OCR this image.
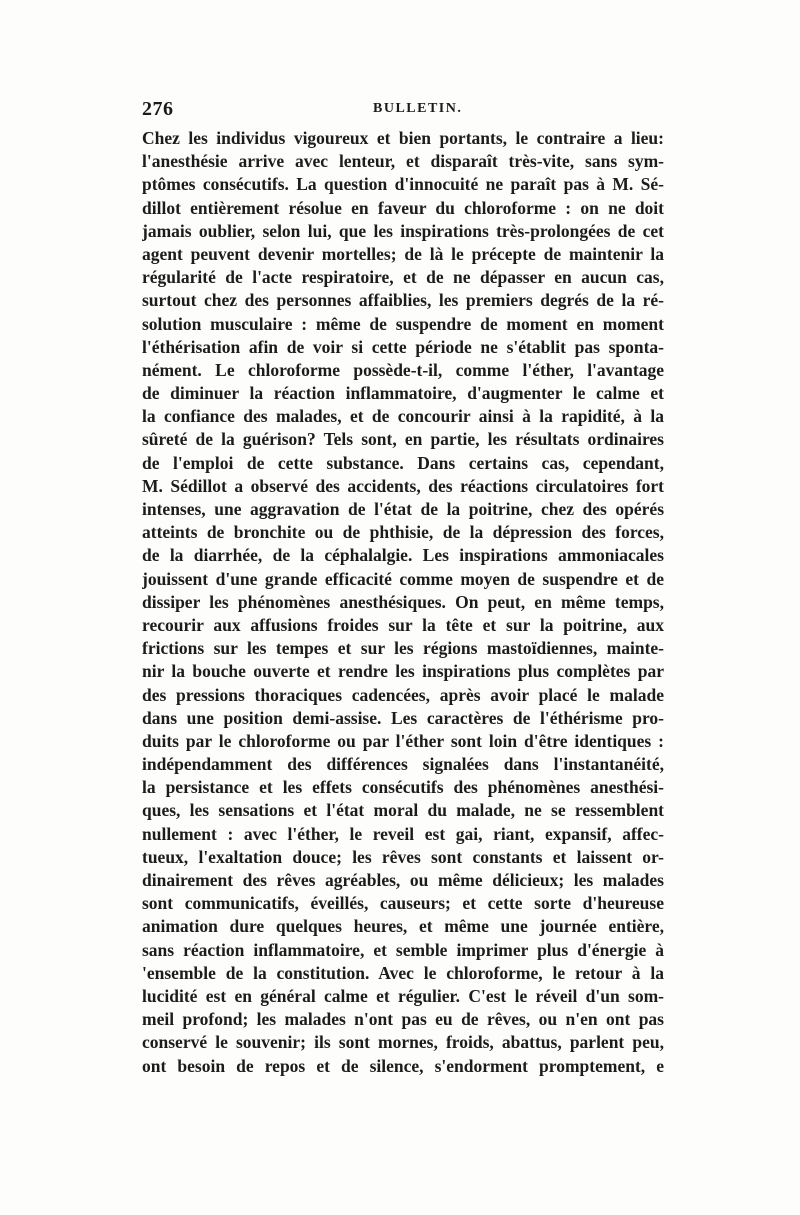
276	BULLETIN.
Chez les individus vigoureux et bien portants, le contraire a lieu:
l'anesthésie arrive avec lenteur, et disparaît très-vite, sans sym-
ptômes consécutifs. La question d'innocuité ne paraît pas à M. Sé-
dillot entièrement résolue en faveur du chloroforme : on ne doit
jamais oublier, selon lui, que les inspirations très-prolongées de cet
agent peuvent devenir mortelles; de là le précepte de maintenir la
régularité de l'acte respiratoire, et de ne dépasser en aucun cas,
surtout chez des personnes affaiblies, les premiers degrés de la ré-
solution musculaire : même de suspendre de moment en moment
l'éthérisation afin de voir si cette période ne s'établit pas sponta-
nément. Le chloroforme possède-t-il, comme l'éther, l'avantage
de diminuer la réaction inflammatoire, d'augmenter le calme et
la confiance des malades, et de concourir ainsi à la rapidité, à la
sûreté de la guérison? Tels sont, en partie, les résultats ordinaires
de l'emploi de cette substance. Dans certains cas, cependant,
M. Sédillot a observé des accidents, des réactions circulatoires fort
intenses, une aggravation de l'état de la poitrine, chez des opérés
atteints de bronchite ou de phthisie, de la dépression des forces,
de la diarrhée, de la céphalalgie. Les inspirations ammoniacales
jouissent d'une grande efficacité comme moyen de suspendre et de
dissiper les phénomènes anesthésiques. On peut, en même temps,
recourir aux affusions froides sur la tête et sur la poitrine, aux
frictions sur les tempes et sur les régions mastoïdiennes, mainte-
nir la bouche ouverte et rendre les inspirations plus complètes par
des pressions thoraciques cadencées, après avoir placé le malade
dans une position demi-assise. Les caractères de l'éthérisme pro-
duits par le chloroforme ou par l'éther sont loin d'être identiques :
indépendamment des différences signalées dans l'instantanéité,
la persistance et les effets consécutifs des phénomènes anesthési-
ques, les sensations et l'état moral du malade, ne se ressemblent
nullement : avec l'éther, le reveil est gai, riant, expansif, affec-
tueux, l'exaltation douce; les rêves sont constants et laissent or-
dinairement des rêves agréables, ou même délicieux; les malades
sont communicatifs, éveillés, causeurs; et cette sorte d'heureuse
animation dure quelques heures, et même une journée entière,
sans réaction inflammatoire, et semble imprimer plus d'énergie à
'ensemble de la constitution. Avec le chloroforme, le retour à la
lucidité est en général calme et régulier. C'est le réveil d'un som-
meil profond; les malades n'ont pas eu de rêves, ou n'en ont pas
conservé le souvenir; ils sont mornes, froids, abattus, parlent peu,
ont besoin de repos et de silence, s'endorment promptement, e
